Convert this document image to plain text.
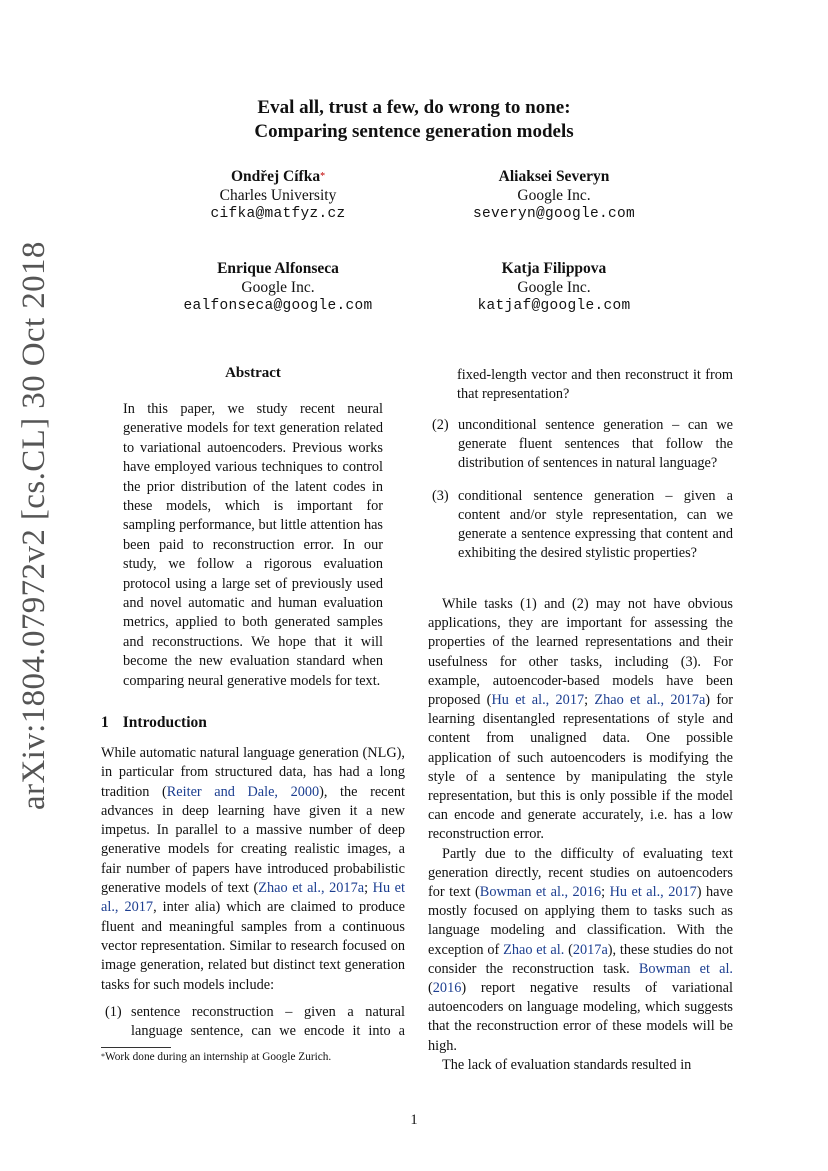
Eval all, trust a few, do wrong to none:
Comparing sentence generation models
Ondřej Cífka*
Charles University
cifka@matfyz.cz
Aliaksei Severyn
Google Inc.
severyn@google.com
Enrique Alfonseca
Google Inc.
ealfonseca@google.com
Katja Filippova
Google Inc.
katjaf@google.com
arXiv:1804.07972v2 [cs.CL] 30 Oct 2018	Abstract

In this paper, we study recent neural generative models for text generation related to variational autoencoders. Previous works have employed various techniques to control the prior distribution of the latent codes in these models, which is important for sampling performance, but little attention has been paid to reconstruction error. In our study, we follow a rigorous evaluation protocol using a large set of previously used and novel automatic and human evaluation metrics, applied to both generated samples and reconstructions. We hope that it will become the new evaluation standard when comparing neural generative models for text.

1 Introduction

While automatic natural language generation (NLG), in particular from structured data, has had a long tradition (Reiter and Dale, 2000), the recent advances in deep learning have given it a new impetus. In parallel to a massive number of deep generative models for creating realistic images, a fair number of papers have introduced probabilistic generative models of text (Zhao et al., 2017a; Hu et al., 2017, inter alia) which are claimed to produce fluent and meaningful samples from a continuous vector representation. Similar to research focused on image generation, related but distinct text generation tasks for such models include:

(1) sentence reconstruction – given a natural language sentence, can we encode it into a
fixed-length vector and then reconstruct it from that representation?
(2) unconditional sentence generation – can we generate fluent sentences that follow the distribution of sentences in natural language?
(3) conditional sentence generation – given a content and/or style representation, can we generate a sentence expressing that content and exhibiting the desired stylistic properties?

While tasks (1) and (2) may not have obvious applications, they are important for assessing the properties of the learned representations and their usefulness for other tasks, including (3). For example, autoencoder-based models have been proposed (Hu et al., 2017; Zhao et al., 2017a) for learning disentangled representations of style and content from unaligned data. One possible application of such autoencoders is modifying the style of a sentence by manipulating the style representation, but this is only possible if the model can encode and generate accurately, i.e. has a low reconstruction error.

Partly due to the difficulty of evaluating text generation directly, recent studies on autoencoders for text (Bowman et al., 2016; Hu et al., 2017) have mostly focused on applying them to tasks such as language modeling and classification. With the exception of Zhao et al. (2017a), these studies do not consider the reconstruction task. Bowman et al. (2016) report negative results of variational autoencoders on language modeling, which suggests that the reconstruction error of these models will be high.

The lack of evaluation standards resulted in

*Work done during an internship at Google Zurich.
1
